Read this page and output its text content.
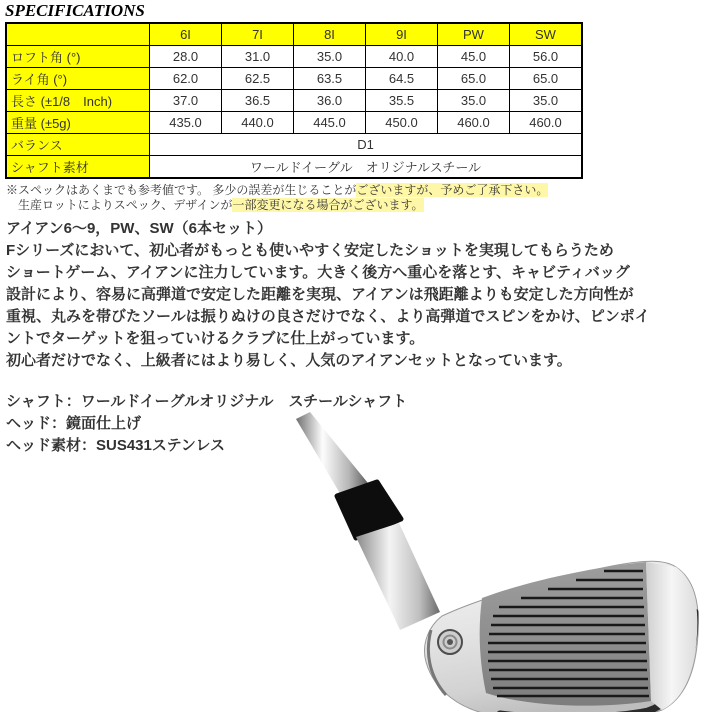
SPECIFICATIONS
	6I	7I	8I	9I	PW	SW
ロフト角 (°)	28.0	31.0	35.0	40.0	45.0	56.0
ライ角 (°)	62.0	62.5	63.5	64.5	65.0	65.0
長さ (±1/8　Inch)	37.0	36.5	36.0	35.5	35.0	35.0
重量 (±5g)	435.0	440.0	445.0	450.0	460.0	460.0
バランス	D1					
シャフト素材	ワールドイーグル　オリジナルスチール					
※スペックはあくまでも参考値です。 多少の誤差が生じることがございますが、予めご了承下さい。
　生産ロットによりスペック、デザインが一部変更になる場合がございます。
アイアン6～9，PW、SW（6本セット）
Fシリーズにおいて、初心者がもっとも使いやすく安定したショットを実現してもらうため
ショートゲーム、アイアンに注力しています。大きく後方へ重心を落とす、キャビティバッグ
設計により、容易に高弾道で安定した距離を実現、アイアンは飛距離よりも安定した方向性が
重視、丸みを帯びたソールは振りぬけの良さだけでなく、より高弾道でスピンをかけ、ピンポイ
ントでターゲットを狙っていけるクラブに仕上がっています。
初心者だけでなく、上級者にはより易しく、人気のアイアンセットとなっています。
シャフト：ワールドイーグルオリジナル　スチールシャフト
ヘッド：鏡面仕上げ
ヘッド素材：SUS431ステンレス
